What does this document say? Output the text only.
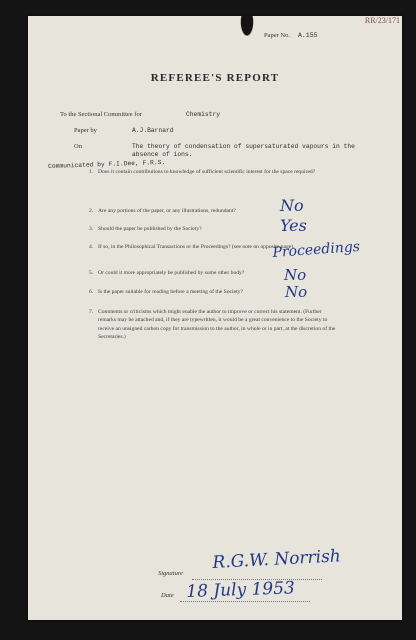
RR/23/171
Paper No. A.155
REFEREE'S REPORT
To the Sectional Committee for	Chemistry
Paper by	A.J.Barnard
On	The theory of condensation of supersaturated vapours in the
absence of ions.
Communicated by F.I.Dee, F.R.S.
1. Does it contain contributions to knowledge of sufficient scientific interest for the space required?
2. Are any portions of the paper, or any illustrations, redundant?	No
3. Should the paper be published by the Society?	Yes
4. If so, in the Philosophical Transactions or the Proceedings? (see note on opposite page).
Proceedings
5. Or could it more appropriately be published by some other body?	No
6. Is the paper suitable for reading before a meeting of the Society?	No
7. Comments or criticisms which might enable the author to improve or correct his statement. (Further remarks may be attached and, if they are typewritten, it would be a great convenience to the Society to receive an unsigned carbon copy for transmission to the author, in whole or in part, at the discretion of the Secretaries.)
Signature
R.G.W. Norrish
Date 18 July 1953
